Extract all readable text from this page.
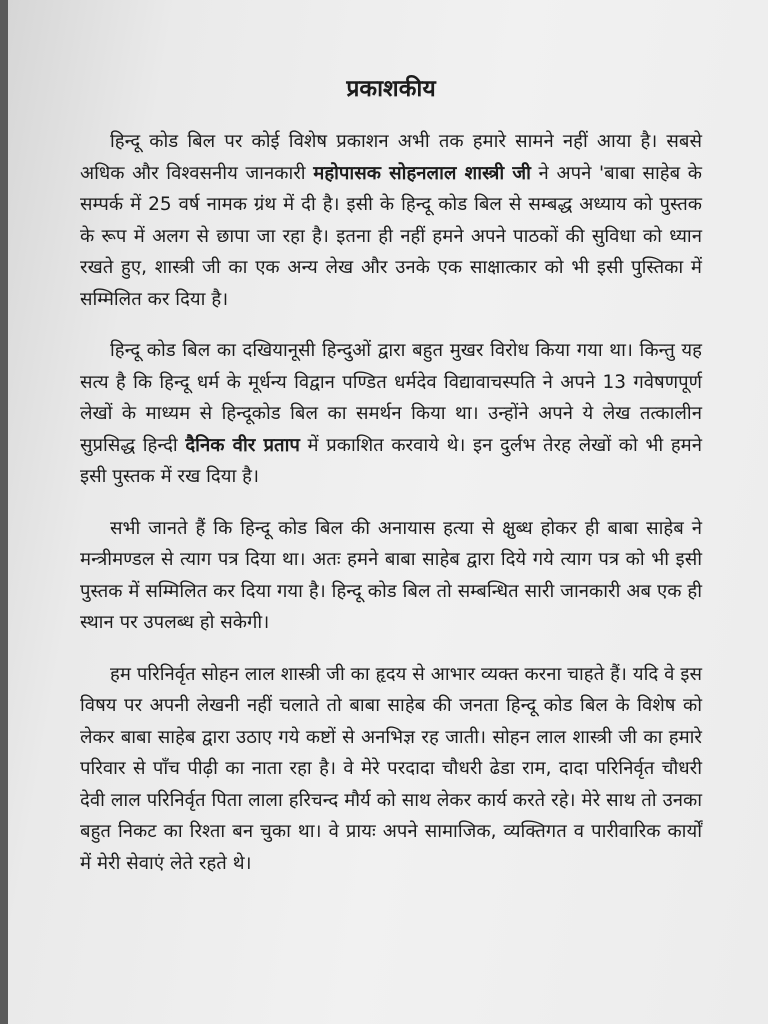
प्रकाशकीय

हिन्दू कोड बिल पर कोई विशेष प्रकाशन अभी तक हमारे सामने नहीं आया है। सबसे अधिक और विश्वसनीय जानकारी महोपासक सोहनलाल शास्त्री जी ने अपने 'बाबा साहेब के सम्पर्क में 25 वर्ष नामक ग्रंथ में दी है। इसी के हिन्दू कोड बिल से सम्बद्ध अध्याय को पुस्तक के रूप में अलग से छापा जा रहा है। इतना ही नहीं हमने अपने पाठकों की सुविधा को ध्यान रखते हुए, शास्त्री जी का एक अन्य लेख और उनके एक साक्षात्कार को भी इसी पुस्तिका में सम्मिलित कर दिया है।

हिन्दू कोड बिल का दखियानूसी हिन्दुओं द्वारा बहुत मुखर विरोध किया गया था। किन्तु यह सत्य है कि हिन्दू धर्म के मूर्धन्य विद्वान पण्डित धर्मदेव विद्यावाचस्पति ने अपने 13 गवेषणपूर्ण लेखों के माध्यम से हिन्दूकोड बिल का समर्थन किया था। उन्होंने अपने ये लेख तत्कालीन सुप्रसिद्ध हिन्दी दैनिक वीर प्रताप में प्रकाशित करवाये थे। इन दुर्लभ तेरह लेखों को भी हमने इसी पुस्तक में रख दिया है।

सभी जानते हैं कि हिन्दू कोड बिल की अनायास हत्या से क्षुब्ध होकर ही बाबा साहेब ने मन्त्रीमण्डल से त्याग पत्र दिया था। अतः हमने बाबा साहेब द्वारा दिये गये त्याग पत्र को भी इसी पुस्तक में सम्मिलित कर दिया गया है। हिन्दू कोड बिल तो सम्बन्धित सारी जानकारी अब एक ही स्थान पर उपलब्ध हो सकेगी।

हम परिनिर्वृत सोहन लाल शास्त्री जी का हृदय से आभार व्यक्त करना चाहते हैं। यदि वे इस विषय पर अपनी लेखनी नहीं चलाते तो बाबा साहेब की जनता हिन्दू कोड बिल के विशेष को लेकर बाबा साहेब द्वारा उठाए गये कष्टों से अनभिज्ञ रह जाती। सोहन लाल शास्त्री जी का हमारे परिवार से पाँच पीढ़ी का नाता रहा है। वे मेरे परदादा चौधरी ढेडा राम, दादा परिनिर्वृत चौधरी देवी लाल परिनिर्वृत पिता लाला हरिचन्द मौर्य को साथ लेकर कार्य करते रहे। मेरे साथ तो उनका बहुत निकट का रिश्ता बन चुका था। वे प्रायः अपने सामाजिक, व्यक्तिगत व पारीवारिक कार्यों में मेरी सेवाएं लेते रहते थे।
